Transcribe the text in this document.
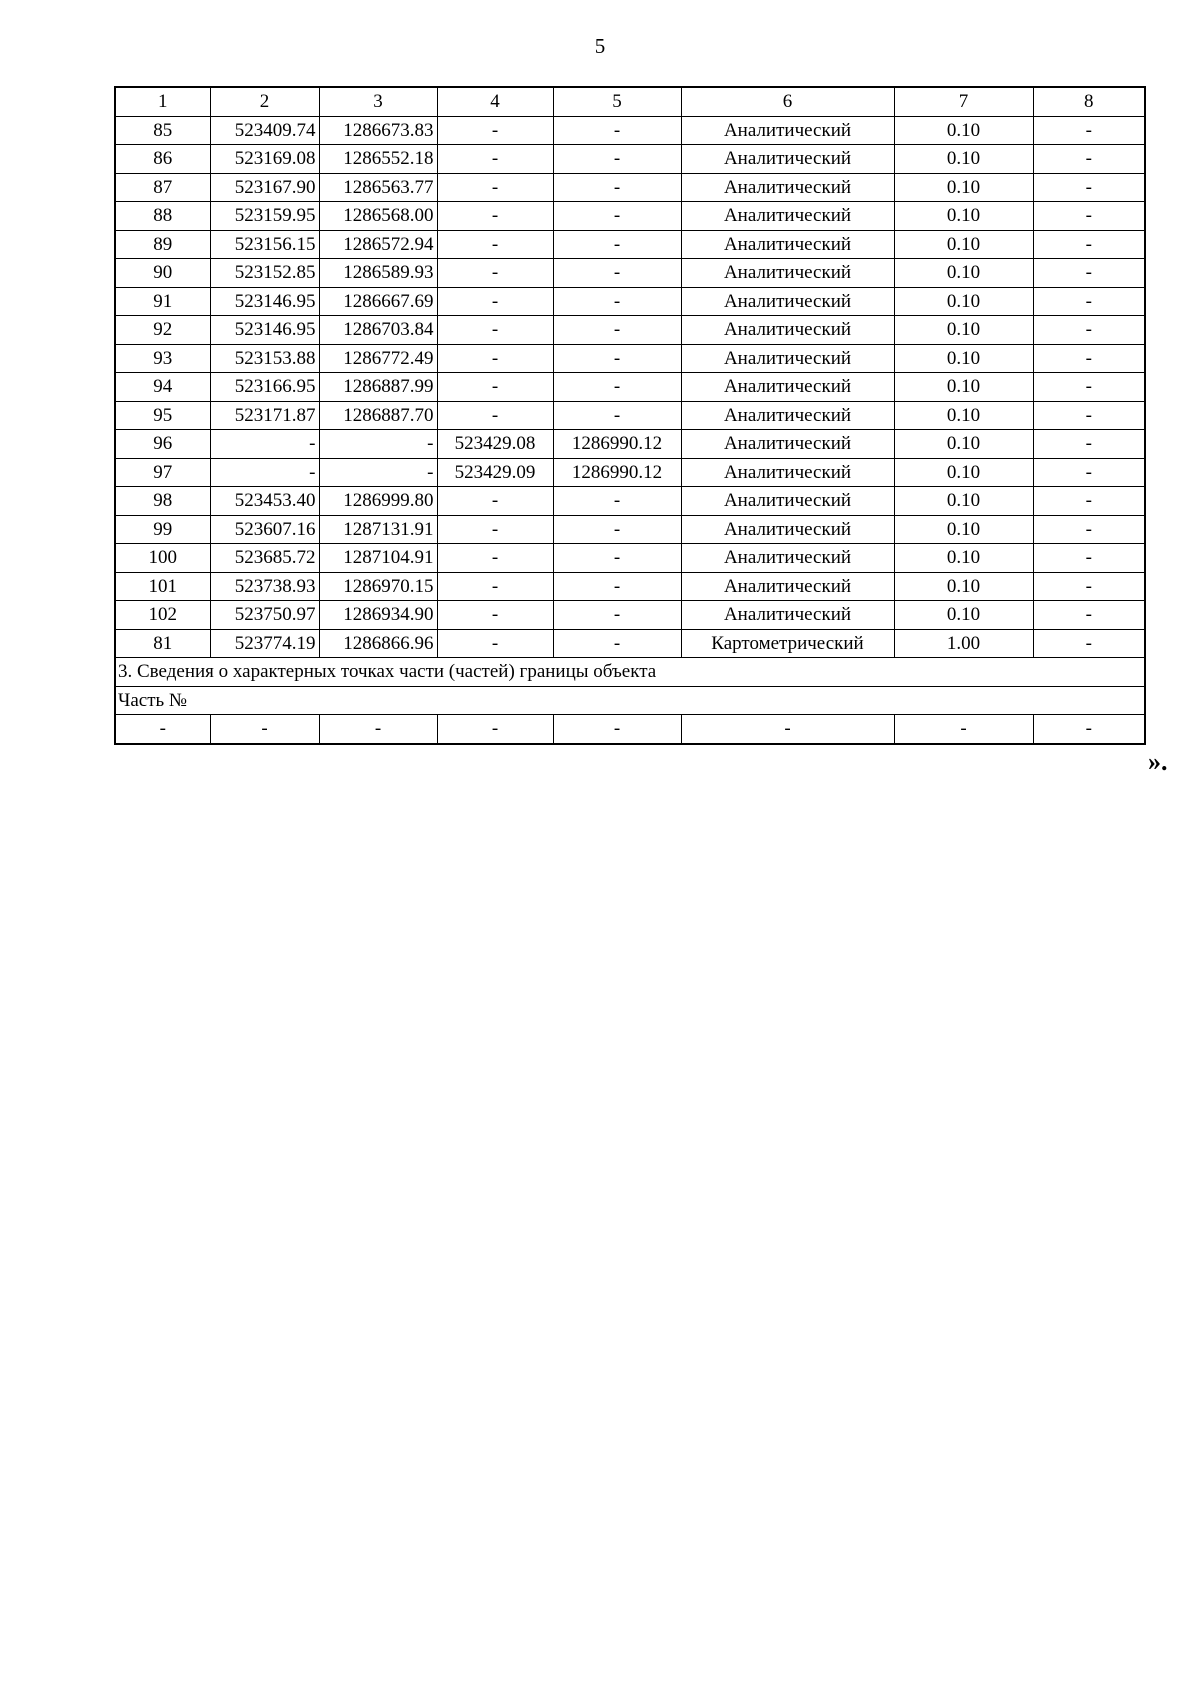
5
1	2	3	4	5	6	7	8
85	523409.74	1286673.83	-	-	Аналитический	0.10	-
86	523169.08	1286552.18	-	-	Аналитический	0.10	-
87	523167.90	1286563.77	-	-	Аналитический	0.10	-
88	523159.95	1286568.00	-	-	Аналитический	0.10	-
89	523156.15	1286572.94	-	-	Аналитический	0.10	-
90	523152.85	1286589.93	-	-	Аналитический	0.10	-
91	523146.95	1286667.69	-	-	Аналитический	0.10	-
92	523146.95	1286703.84	-	-	Аналитический	0.10	-
93	523153.88	1286772.49	-	-	Аналитический	0.10	-
94	523166.95	1286887.99	-	-	Аналитический	0.10	-
95	523171.87	1286887.70	-	-	Аналитический	0.10	-
96	-	-	523429.08	1286990.12	Аналитический	0.10	-
97	-	-	523429.09	1286990.12	Аналитический	0.10	-
98	523453.40	1286999.80	-	-	Аналитический	0.10	-
99	523607.16	1287131.91	-	-	Аналитический	0.10	-
100	523685.72	1287104.91	-	-	Аналитический	0.10	-
101	523738.93	1286970.15	-	-	Аналитический	0.10	-
102	523750.97	1286934.90	-	-	Аналитический	0.10	-
81	523774.19	1286866.96	-	-	Картометрический	1.00	-
3. Сведения о характерных точках части (частей) границы объекта							
Часть №							
-	-	-	-	-	-	-	-
».
